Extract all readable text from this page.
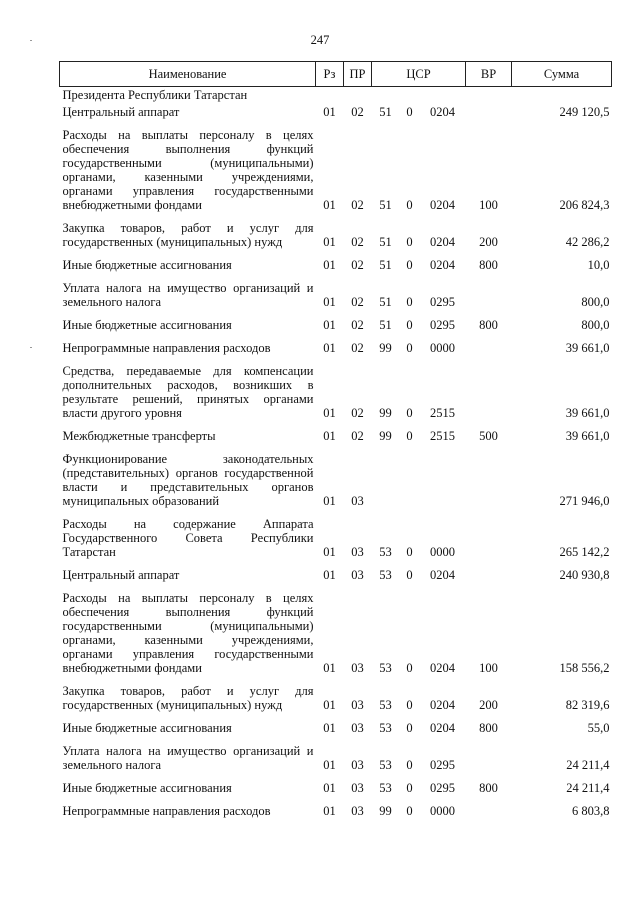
247
Наименование	Рз	ПР	ЦСР			ВР	Сумма
Президента Республики Татарстан							
Центральный аппарат	01	02	51	0	0204		249 120,5
Расходы на выплаты персоналу в целях обеспечения выполнения функций государственными (муниципальными) органами, казенными учреждениями, органами управления государственными внебюджетными фондами	01	02	51	0	0204	100	206 824,3
Закупка товаров, работ и услуг для государственных (муниципальных) нужд	01	02	51	0	0204	200	42 286,2
Иные бюджетные ассигнования	01	02	51	0	0204	800	10,0
Уплата налога на имущество организаций и земельного налога	01	02	51	0	0295		800,0
Иные бюджетные ассигнования	01	02	51	0	0295	800	800,0
Непрограммные направления расходов	01	02	99	0	0000		39 661,0
Средства, передаваемые для компенсации дополнительных расходов, возникших в результате решений, принятых органами власти другого уровня	01	02	99	0	2515		39 661,0
Межбюджетные трансферты	01	02	99	0	2515	500	39 661,0
Функционирование законодательных (представительных) органов государственной власти и представительных органов муниципальных образований	01	03					271 946,0
Расходы на содержание Аппарата Государственного Совета Республики Татарстан	01	03	53	0	0000		265 142,2
Центральный аппарат	01	03	53	0	0204		240 930,8
Расходы на выплаты персоналу в целях обеспечения выполнения функций государственными (муниципальными) органами, казенными учреждениями, органами управления государственными внебюджетными фондами	01	03	53	0	0204	100	158 556,2
Закупка товаров, работ и услуг для государственных (муниципальных) нужд	01	03	53	0	0204	200	82 319,6
Иные бюджетные ассигнования	01	03	53	0	0204	800	55,0
Уплата налога на имущество организаций и земельного налога	01	03	53	0	0295		24 211,4
Иные бюджетные ассигнования	01	03	53	0	0295	800	24 211,4
Непрограммные направления расходов	01	03	99	0	0000		6 803,8
